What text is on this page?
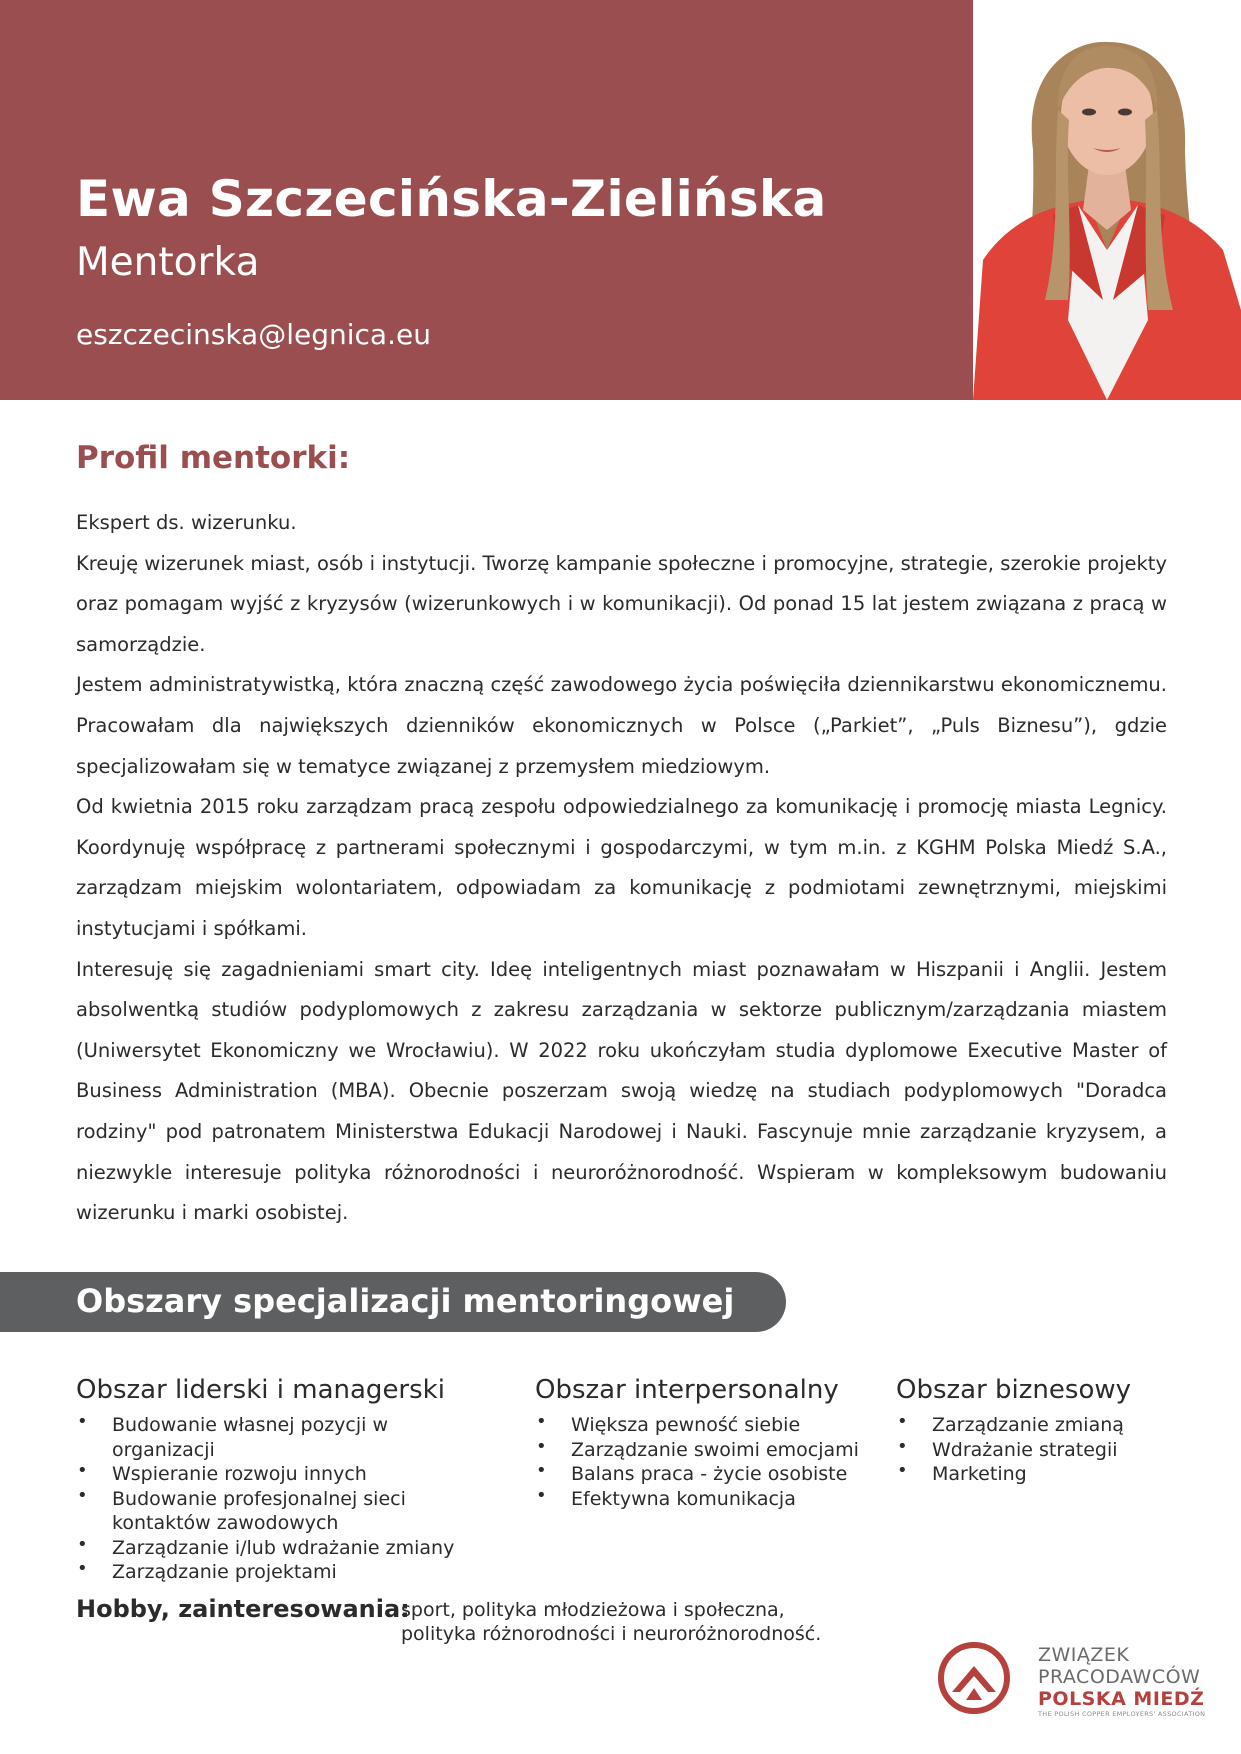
Ewa Szczecińska-Zielińska
Mentorka
eszczecinska@legnica.eu
Profil mentorki:

Ekspert ds. wizerunku.

Kreuję wizerunek miast, osób i instytucji. Tworzę kampanie społeczne i promocyjne, strategie, szerokie projekty oraz pomagam wyjść z kryzysów (wizerunkowych i w komunikacji). Od ponad 15 lat jestem związana z pracą w samorządzie.

Jestem administratywistką, która znaczną część zawodowego życia poświęciła dziennikarstwu ekonomicznemu. Pracowałam dla największych dzienników ekonomicznych w Polsce („Parkiet”, „Puls Biznesu”), gdzie specjalizowałam się w tematyce związanej z przemysłem miedziowym.

Od kwietnia 2015 roku zarządzam pracą zespołu odpowiedzialnego za komunikację i promocję miasta Legnicy. Koordynuję współpracę z partnerami społecznymi i gospodarczymi, w tym m.in. z KGHM Polska Miedź S.A., zarządzam miejskim wolontariatem, odpowiadam za komunikację z podmiotami zewnętrznymi, miejskimi instytucjami i spółkami.

Interesuję się zagadnieniami smart city. Ideę inteligentnych miast poznawałam w Hiszpanii i Anglii. Jestem absolwentką studiów podyplomowych z zakresu zarządzania w sektorze publicznym/zarządzania miastem (Uniwersytet Ekonomiczny we Wrocławiu). W 2022 roku ukończyłam studia dyplomowe Executive Master of Business Administration (MBA). Obecnie poszerzam swoją wiedzę na studiach podyplomowych "Doradca rodziny" pod patronatem Ministerstwa Edukacji Narodowej i Nauki. Fascynuje mnie zarządzanie kryzysem, a niezwykle interesuje polityka różnorodności i neuroróżnorodność. Wspieram w kompleksowym budowaniu wizerunku i marki osobistej.

Obszary specjalizacji mentoringowej
Obszar liderski i managerski
• Budowanie własnej pozycji w organizacji
• Wspieranie rozwoju innych
• Budowanie profesjonalnej sieci kontaktów zawodowych
• Zarządzanie i/lub wdrażanie zmiany
• Zarządzanie projektami
Obszar interpersonalny
• Większa pewność siebie
• Zarządzanie swoimi emocjami
• Balans praca - życie osobiste
• Efektywna komunikacja
Obszar biznesowy
• Zarządzanie zmianą
• Wdrażanie strategii
• Marketing
Hobby, zainteresowania:
sport, polityka młodzieżowa i społeczna,
polityka różnorodności i neuroróżnorodność.
ZWIĄZEK
PRACODAWCÓW
POLSKA MIEDŹ
THE POLISH COPPER EMPLOYERS' ASSOCIATION
